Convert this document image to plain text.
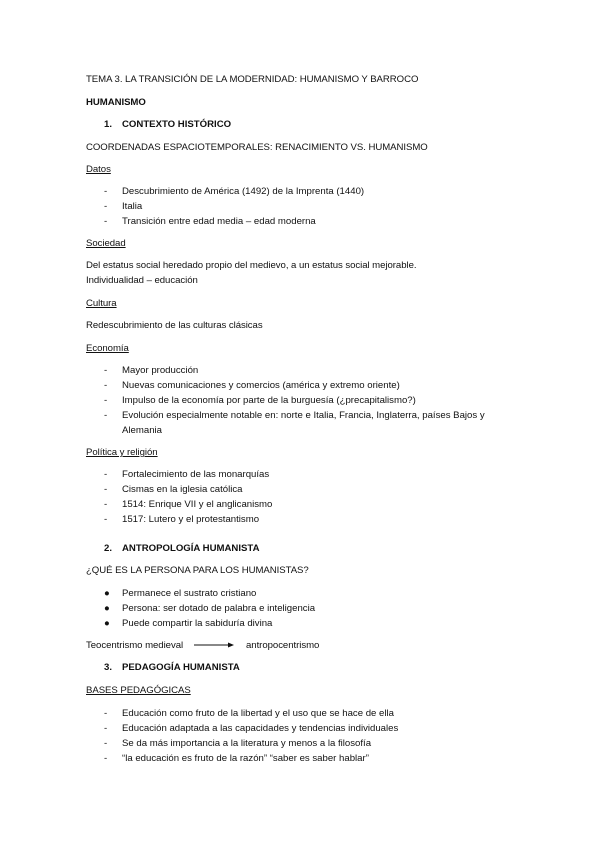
TEMA 3. LA TRANSICIÓN DE LA MODERNIDAD: HUMANISMO Y BARROCO
HUMANISMO
1. CONTEXTO HISTÓRICO
COORDENADAS ESPACIOTEMPORALES: RENACIMIENTO VS. HUMANISMO
Datos
- Descubrimiento de América (1492) de la Imprenta (1440)
- Italia
- Transición entre edad media – edad moderna
Sociedad
Del estatus social heredado propio del medievo, a un estatus social mejorable.
Individualidad – educación
Cultura
Redescubrimiento de las culturas clásicas
Economía
- Mayor producción
- Nuevas comunicaciones y comercios (américa y extremo oriente)
- Impulso de la economía por parte de la burguesía (¿precapitalismo?)
- Evolución especialmente notable en: norte e Italia, Francia, Inglaterra, países Bajos y
Alemania
Política y religión
- Fortalecimiento de las monarquías
- Cismas en la iglesia católica
- 1514: Enrique VII y el anglicanismo
- 1517: Lutero y el protestantismo
2. ANTROPOLOGÍA HUMANISTA
¿QUÉ ES LA PERSONA PARA LOS HUMANISTAS?
● Permanece el sustrato cristiano
● Persona: ser dotado de palabra e inteligencia
● Puede compartir la sabiduría divina
Teocentrismo medieval	antropocentrismo
3. PEDAGOGÍA HUMANISTA
BASES PEDAGÓGICAS
- Educación como fruto de la libertad y el uso que se hace de ella
- Educación adaptada a las capacidades y tendencias individuales
- Se da más importancia a la literatura y menos a la filosofía
- “la educación es fruto de la razón” “saber es saber hablar”
